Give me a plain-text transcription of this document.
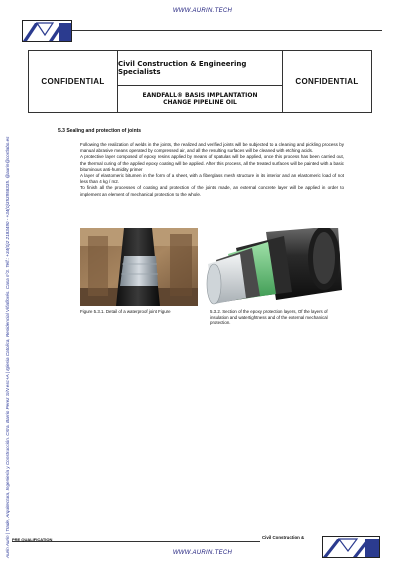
WWW.AURIN.TECH
Aurin Aurin | Trade, Arquitectura, Ingeniería y Construcción. Crtra. Barrio Perez S/N esc+A | Iglesia Catolica, Residencial Viñaflorés. Casa nº3. Telf.: +34(0)2 2183490 - +34(0)353958335. @aurin@cortlabo.es
CONFIDENTIAL
Civil Construction & Engineering Specialists
EANDFALL® BASIS IMPLANTATION
CHANGE PIPELINE OIL
CONFIDENTIAL
5.3 Sealing and protection of joints

Following the realization of welds in the joints, the realized and verified joints will be subjected to a cleaning and pickling process by manual abrasive means operated by compressed air, and all the resulting surfaces will be cleaned with etching acids.

A protective layer composed of epoxy resins applied by means of spatulas will be applied, once this process has been carried out, the thermal curing of the applied epoxy coating will be applied. After this process, all the treated surfaces will be painted with a basic bituminous anti-humidity primer

A layer of elastomeric bitumen in the form of a sheet, with a fiberglass mesh structure in its interior and an elastomeric load of not less than 4 kg / m2.

To finish all the processes of coating and protection of the joints made, an external concrete layer will be applied in order to implement an element of mechanical protection to the whole.

Figure 5.3.1. Detail of a waterproof joint Figure	5.3.2. Section of the epoxy protection layers, Of the layers of insulation and watertightness and of the external mechanical protection.
PRE QUALIFICATION	Civil Construction &
WWW.AURIN.TECH
